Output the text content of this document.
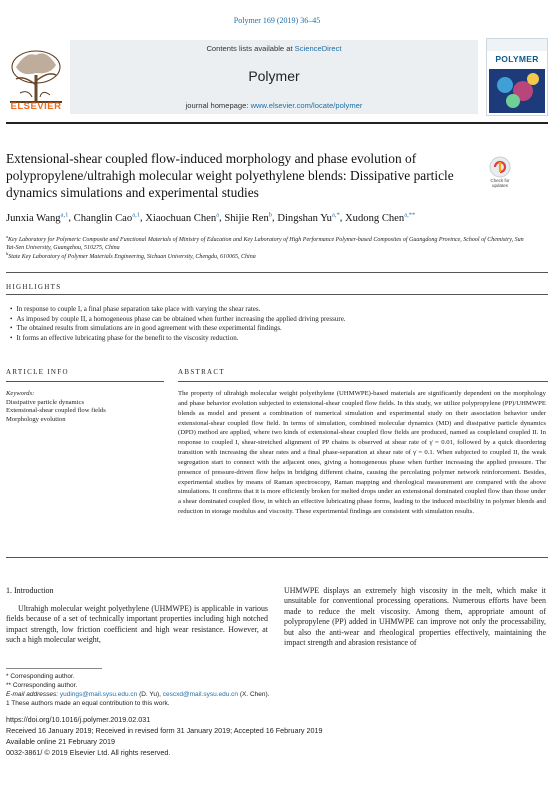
Polymer 169 (2019) 36–45
Contents lists available at ScienceDirect
Polymer
journal homepage: www.elsevier.com/locate/polymer
ELSEVIER
POLYMER
Extensional-shear coupled flow-induced morphology and phase evolution of polypropylene/ultrahigh molecular weight polyethylene blends: Dissipative particle dynamics simulations and experimental studies
Check for
updates
Junxia Wang$^{a,1}$, Changlin Cao$^{a,1}$, Xiaochuan Chen$^a$, Shijie Ren$^b$, Dingshan $Yu^{a,*}$, Xudong Chen$^{a,**}$
$^a$Key Laboratory for Polymeric Composite and Functional Materials of Ministry of Education and Key Laboratory of High Performance Polymer-based Composites of Guangdong Province, School of Chemistry, Sun Yat-Sen University, Guangzhou, 510275, China
$^b$State Key Laboratory of Polymer Materials Engineering, Sichuan University, Chengdu, 610065, China
HIGHLIGHTS
• In response to couple I, a final phase separation take place with varying the shear rates.
• As imposed by couple II, a homogeneous phase can be obtained when further increasing the applied driving pressure.
• The obtained results from simulations are in good agreement with these experimental findings.
• It forms an effective lubricating phase for the benefit to the viscosity reduction.
ARTICLE INFO
Keywords:
Dissipative particle dynamics
Extensional-shear coupled flow fields
Morphology evolution
ABSTRACT
The property of ultrahigh molecular weight polyethylene (UHMWPE)-based materials are significantly dependent on the morphology and phase behavior evolution subjected to extensional-shear coupled flow fields. In this study, we utilize polypropylene (PP)/UHMWPE blends as model and present a combination of numerical simulation and experimental study on their association behavior under extensional-shear coupled flow field. In terms of simulation, combined molecular dynamics (MD) and dissipative particle dynamics (DPD) method are applied, where two kinds of extensional-shear coupled flow fields are produced, named as coupleIand coupled II. In response to coupled I, shear-stretched alignment of PP chains is observed at shear rate of γ̇ = 0.01, followed by a quick disordering transition with increasing the shear rates and a final phase-separation at shear rate of γ̇ = 0.1. When subjected to coupled II, the weak segregation start to connect with the adjacent ones, giving a homogeneous phase when further increasing the applied pressure. The presence of pressure-driven flow helps in bridging different chains, causing the percolating polymer network reinforcement. Besides, experimental studies by means of Raman spectroscopy, Raman mapping and rheological measurement are compared with the above simulations. It confirms that it is more efficiently broken for melted drops under an extensional dominated coupled flow than those under a shear dominated coupled flow, in which an effective lubricating phase forms, leading to the induced miscibility in polymer blends and reduction in storage modulus and viscosity. These experimental findings are consistent with simulation results.
1. Introduction
Ultrahigh molecular weight polyethylene (UHMWPE) is applicable in various fields because of a set of technically important properties including high notched impact strength, low friction coefficient and high wear resistance. However, at such a high molecular weight,
UHMWPE displays an extremely high viscosity in the melt, which make it unsuitable for conventional processing operations. Numerous efforts have been made to reduce the melt viscosity. Among them, appropriate amount of polypropylene (PP) added in UHMWPE can improve not only the processability, but also the anti-wear and rheological properties effectively, maintaining the impact strength and abrasion resistance of
* Corresponding author.
** Corresponding author.
E-mail addresses: yudings@mail.sysu.edu.cn (D. Yu), cescxd@mail.sysu.edu.cn (X. Chen).
1 These authors made an equal contribution to this work.
https://doi.org/10.1016/j.polymer.2019.02.031
Received 16 January 2019; Received in revised form 31 January 2019; Accepted 16 February 2019
Available online 21 February 2019
0032-3861/ © 2019 Elsevier Ltd. All rights reserved.
